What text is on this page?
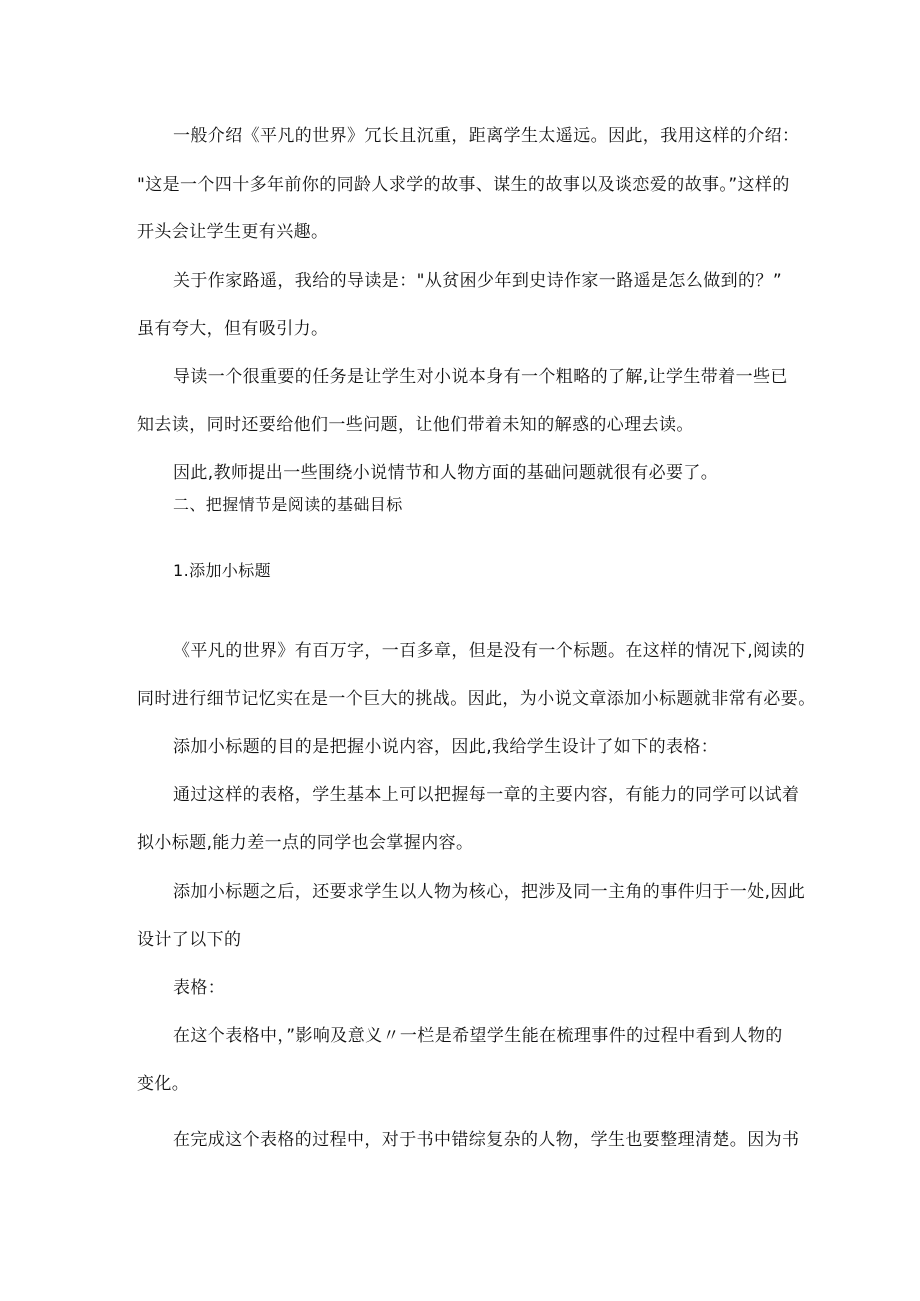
一般介绍《平凡的世界》冗长且沉重，距离学生太遥远。因此，我用这样的介绍：
"这是一个四十多年前你的同龄人求学的故事、谋生的故事以及谈恋爱的故事。”这样的
开头会让学生更有兴趣。
关于作家路遥，我给的导读是："从贫困少年到史诗作家一路遥是怎么做到的？”
虽有夸大，但有吸引力。
导读一个很重要的任务是让学生对小说本身有一个粗略的了解,让学生带着一些已
知去读，同时还要给他们一些问题，让他们带着未知的解惑的心理去读。
因此,教师提出一些围绕小说情节和人物方面的基础问题就很有必要了。
二、把握情节是阅读的基础目标
1.添加小标题
《平凡的世界》有百万字，一百多章，但是没有一个标题。在这样的情况下,阅读的
同时进行细节记忆实在是一个巨大的挑战。因此，为小说文章添加小标题就非常有必要。
添加小标题的目的是把握小说内容，因此,我给学生设计了如下的表格：
通过这样的表格，学生基本上可以把握每一章的主要内容，有能力的同学可以试着
拟小标题,能力差一点的同学也会掌握内容。
添加小标题之后，还要求学生以人物为核心，把涉及同一主角的事件归于一处,因此
设计了以下的
表格：
在这个表格中，”影响及意义〃一栏是希望学生能在梳理事件的过程中看到人物的
变化。
在完成这个表格的过程中，对于书中错综复杂的人物，学生也要整理清楚。因为书
